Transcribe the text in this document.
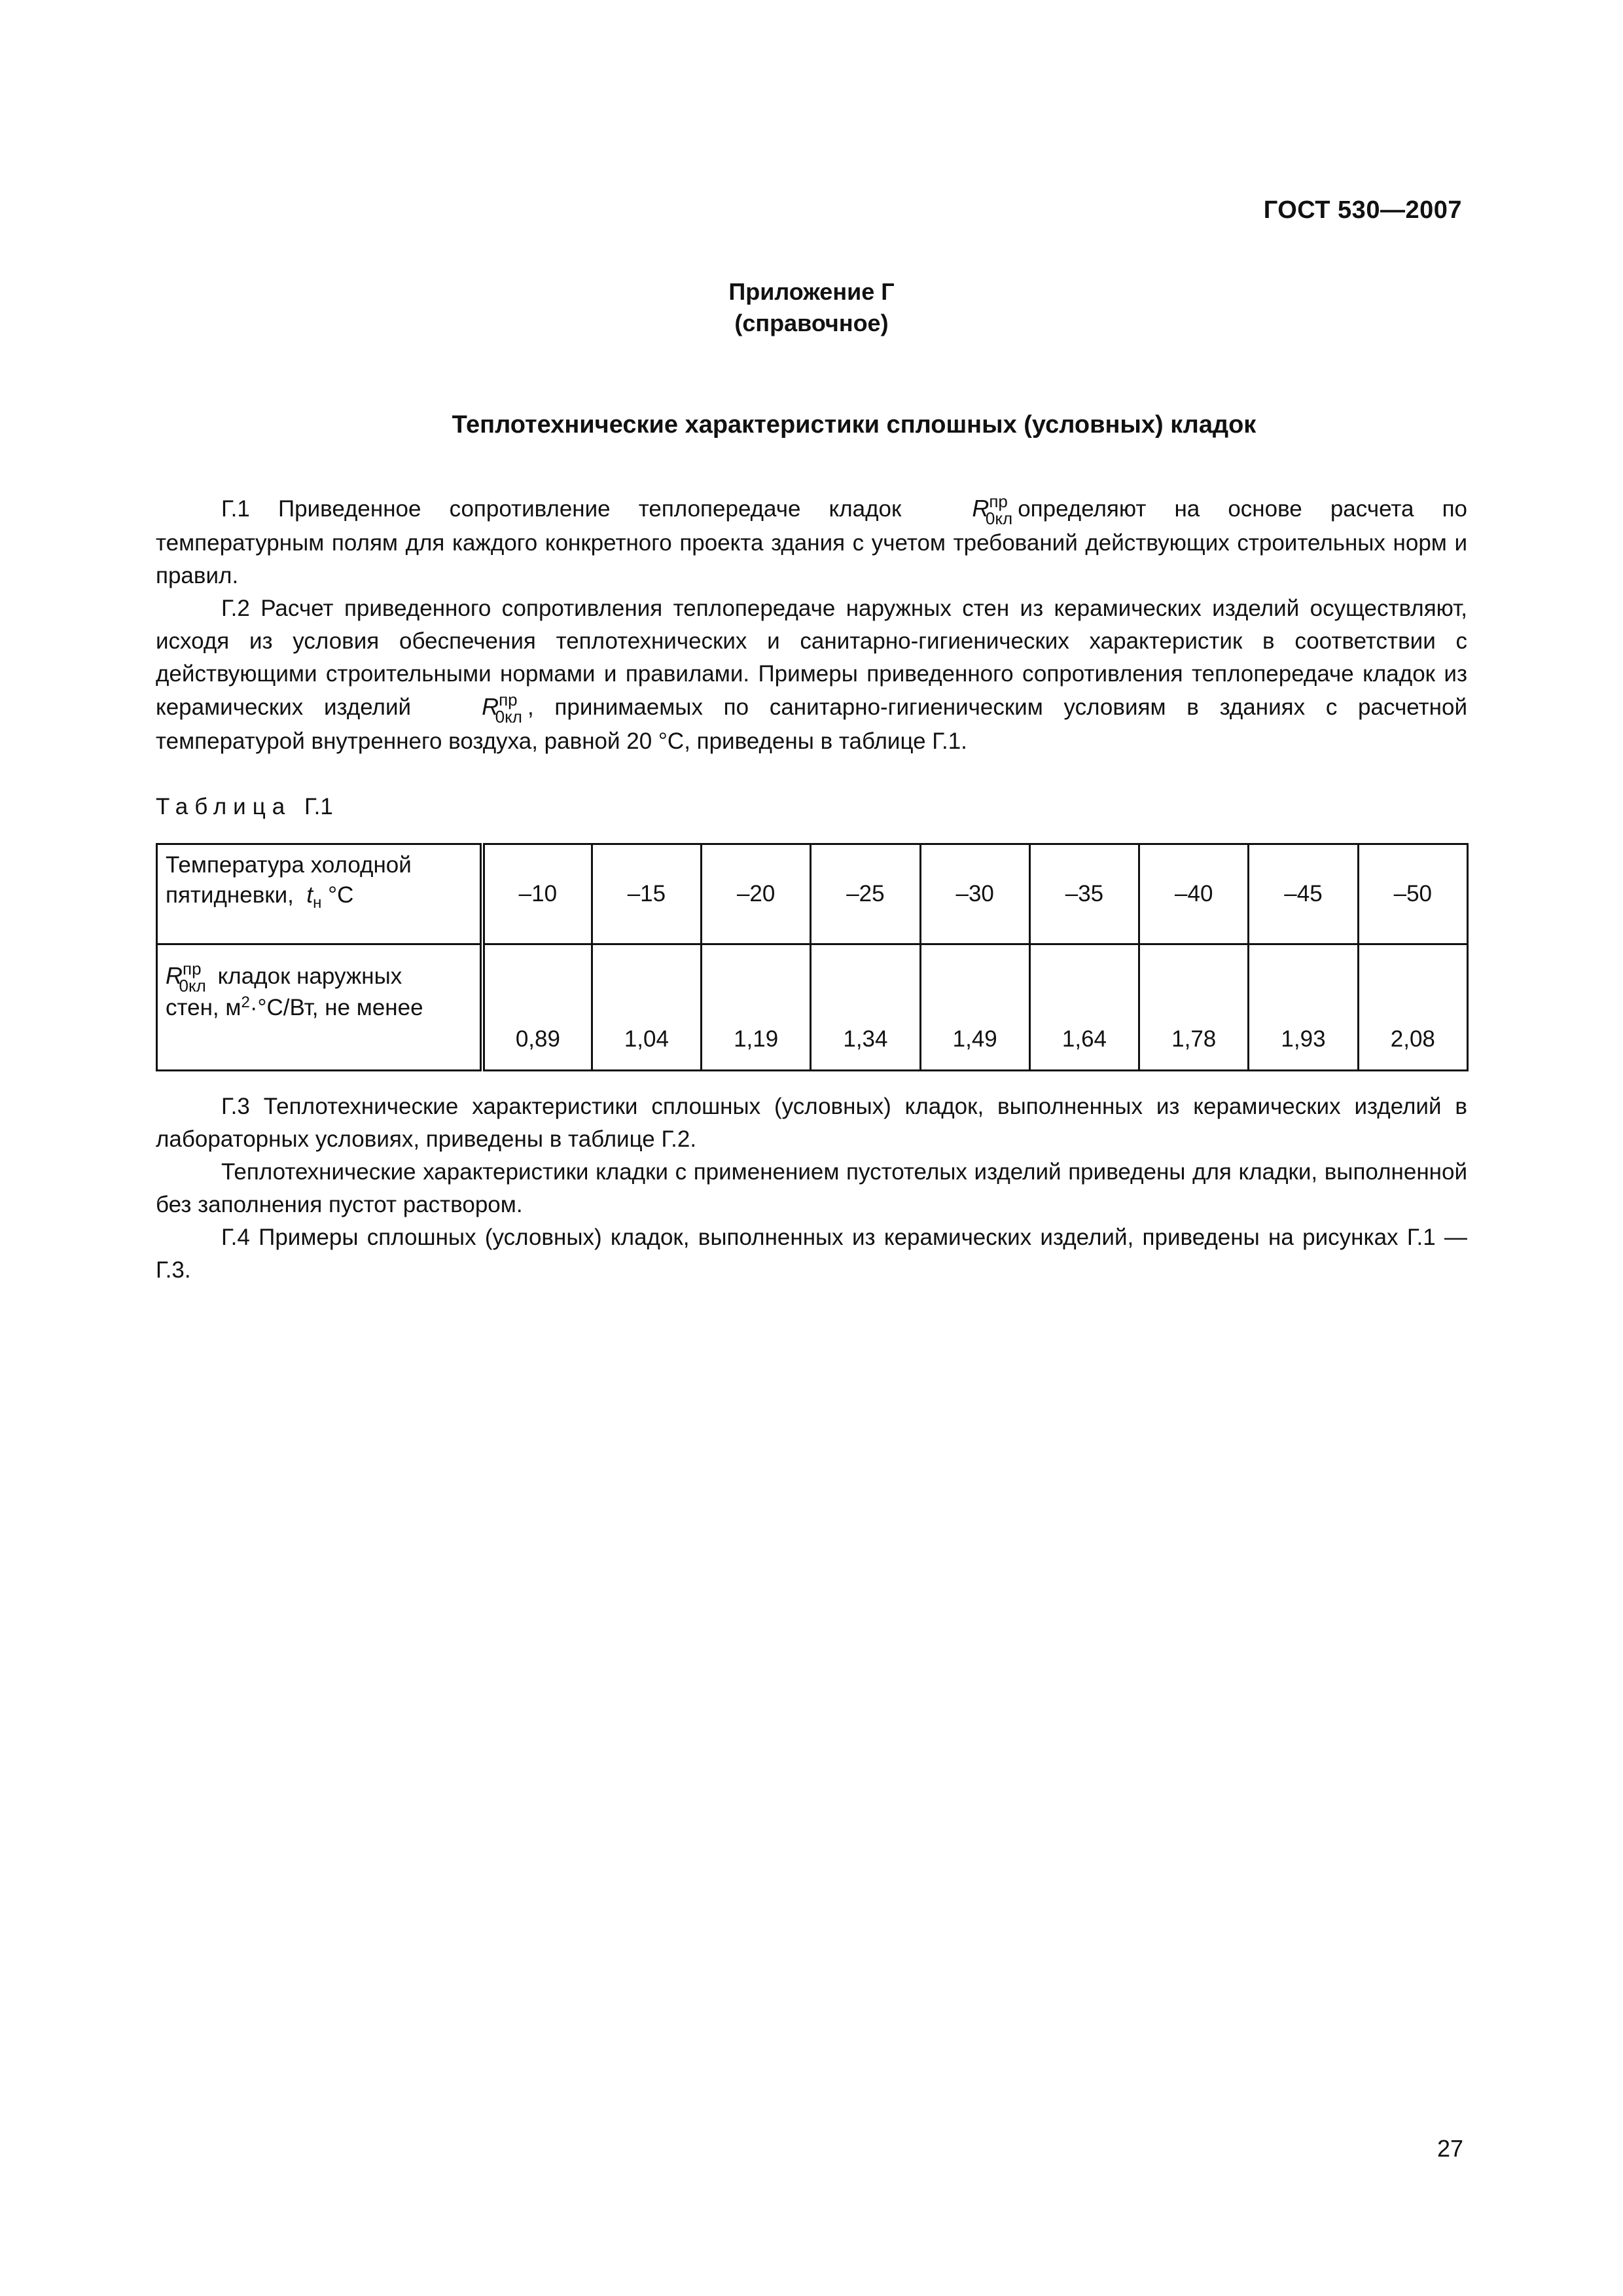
ГОСТ 530—2007
Приложение Г
(справочное)
Теплотехнические характеристики сплошных (условных) кладок

Г.1 Приведенное сопротивление теплопередаче кладок	$R^{пр}_{0кл}$ определяют на основе расчета по температурным полям для каждого конкретного проекта здания с учетом требований действующих строительных норм и правил.

Г.2 Расчет приведенного сопротивления теплопередаче наружных стен из керамических изделий осуществляют, исходя из условия обеспечения теплотехнических и санитарно-гигиенических характеристик в соответствии с действующими строительными нормами и правилами. Примеры приведенного сопротивления теплопередаче кладок из керамических изделий	$R^{пр}_{0кл}$ , принимаемых по санитарно-гигиеническим условиям в зданиях с расчетной температурой внутреннего воздуха, равной 20 °С, приведены в таблице Г.1.

Таблица Г.1
Температура холодной
пятидневки, $t_н$ °С	–10	–15	–20	–25	–30	–35	–40	–45	–50
$R^{пр}_{0кл}$ кладок наружных
стен, $м^2\cdot^\circ С/Вт$, не менее	0,89	1,04	1,19	1,34	1,49	1,64	1,78	1,93	2,08

Г.3 Теплотехнические характеристики сплошных (условных) кладок, выполненных из керамических изделий в лабораторных условиях, приведены в таблице Г.2.

Теплотехнические характеристики кладки с применением пустотелых изделий приведены для кладки, выполненной без заполнения пустот раствором.

Г.4 Примеры сплошных (условных) кладок, выполненных из керамических изделий, приведены на рисунках Г.1 — Г.3.

27
